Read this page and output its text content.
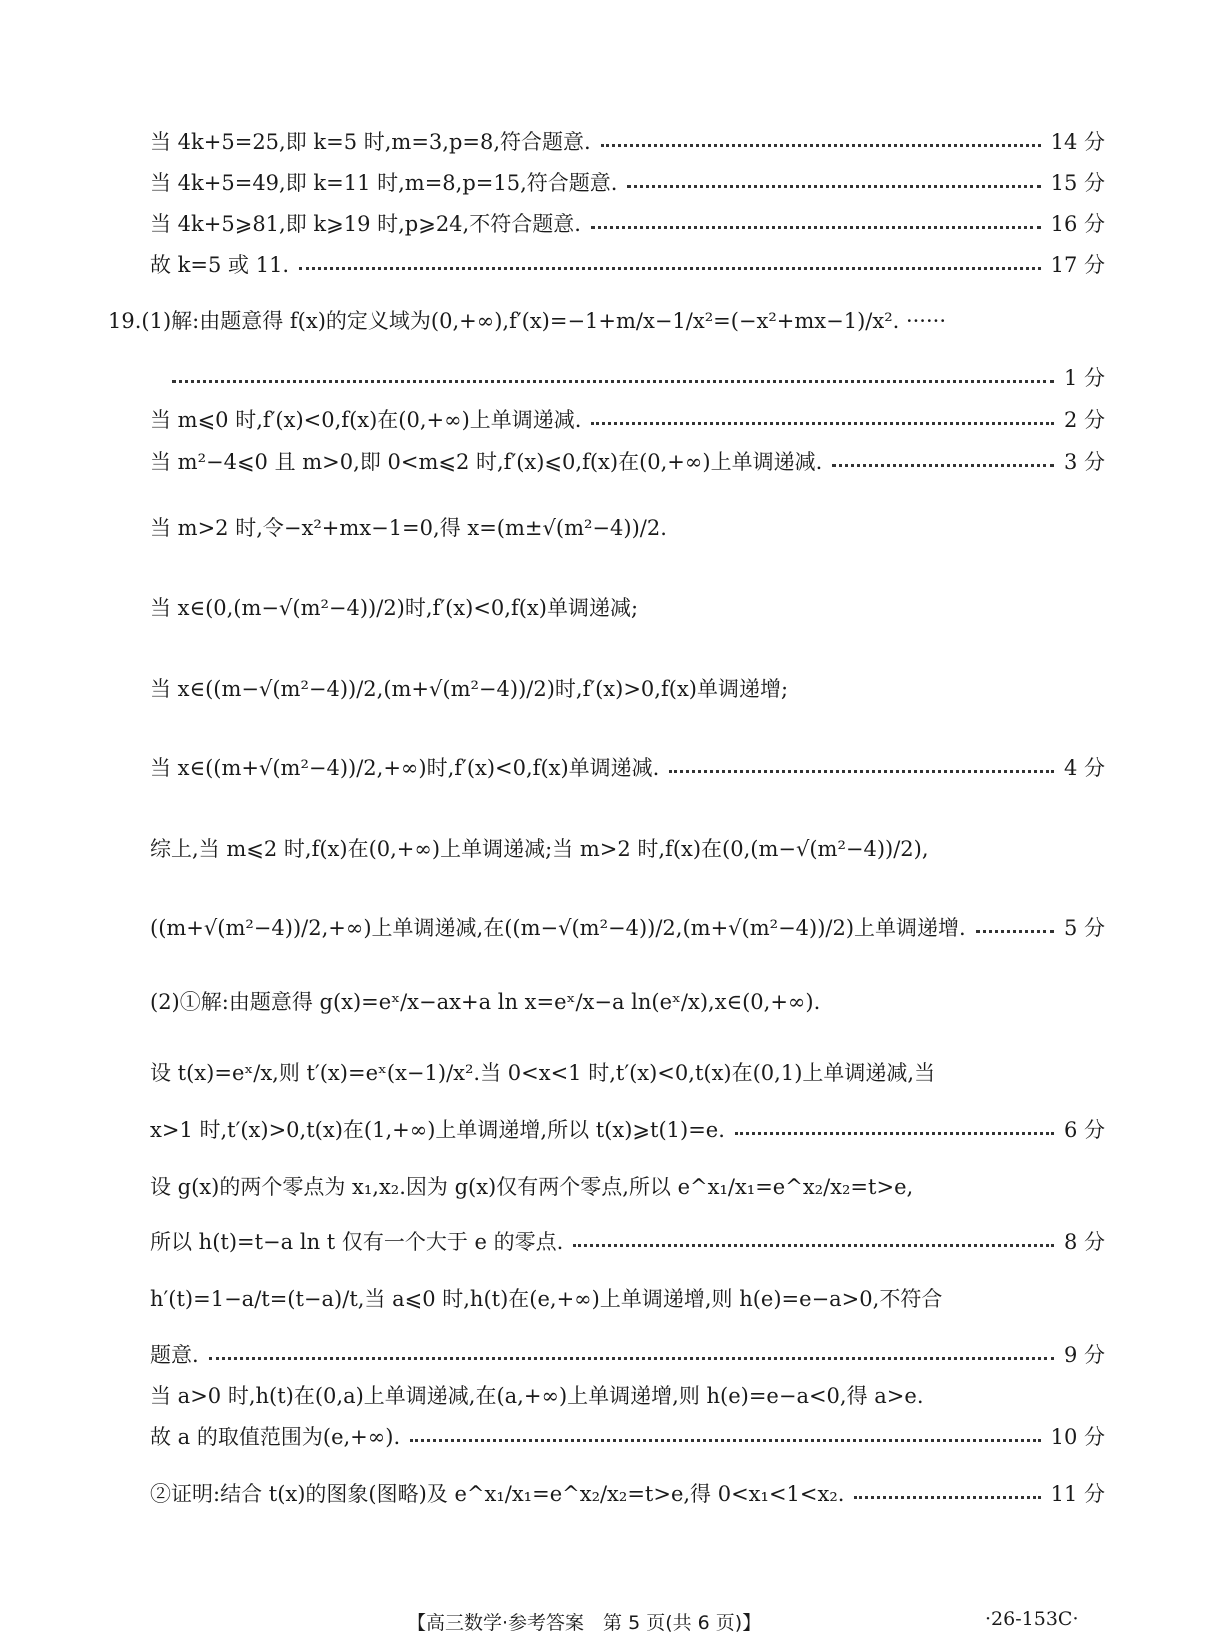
当 4k+5=25,即 k=5 时,m=3,p=8,符合题意.	14 分
当 4k+5=49,即 k=11 时,m=8,p=15,符合题意.	15 分
当 4k+5⩾81,即 k⩾19 时,p⩾24,不符合题意.	16 分
故 k=5 或 11.	17 分
19.(1)解:由题意得 f(x)的定义域为(0,+∞),f′(x)=−1+m/x−1/x²=(−x²+mx−1)/x². ······
1 分
当 m⩽0 时,f′(x)<0,f(x)在(0,+∞)上单调递减.	2 分
当 m²−4⩽0 且 m>0,即 0<m⩽2 时,f′(x)⩽0,f(x)在(0,+∞)上单调递减.	3 分
当 m>2 时,令−x²+mx−1=0,得 x=(m±√(m²−4))/2.
当 x∈(0,(m−√(m²−4))/2)时,f′(x)<0,f(x)单调递减;
当 x∈((m−√(m²−4))/2,(m+√(m²−4))/2)时,f′(x)>0,f(x)单调递增;
当 x∈((m+√(m²−4))/2,+∞)时,f′(x)<0,f(x)单调递减.	4 分
综上,当 m⩽2 时,f(x)在(0,+∞)上单调递减;当 m>2 时,f(x)在(0,(m−√(m²−4))/2),
((m+√(m²−4))/2,+∞)上单调递减,在((m−√(m²−4))/2,(m+√(m²−4))/2)上单调递增.	5 分
(2)①解:由题意得 g(x)=eˣ/x−ax+a ln x=eˣ/x−a ln(eˣ/x),x∈(0,+∞).
设 t(x)=eˣ/x,则 t′(x)=eˣ(x−1)/x².当 0<x<1 时,t′(x)<0,t(x)在(0,1)上单调递减,当
x>1 时,t′(x)>0,t(x)在(1,+∞)上单调递增,所以 t(x)⩾t(1)=e.	6 分
设 g(x)的两个零点为 x₁,x₂.因为 g(x)仅有两个零点,所以 e^x₁/x₁=e^x₂/x₂=t>e,
所以 h(t)=t−a ln t 仅有一个大于 e 的零点.	8 分
h′(t)=1−a/t=(t−a)/t,当 a⩽0 时,h(t)在(e,+∞)上单调递增,则 h(e)=e−a>0,不符合
题意.	9 分
当 a>0 时,h(t)在(0,a)上单调递减,在(a,+∞)上单调递增,则 h(e)=e−a<0,得 a>e.
故 a 的取值范围为(e,+∞).	10 分
②证明:结合 t(x)的图象(图略)及 e^x₁/x₁=e^x₂/x₂=t>e,得 0<x₁<1<x₂.	11 分
【高三数学·参考答案　第 5 页(共 6 页)】	·26-153C·
